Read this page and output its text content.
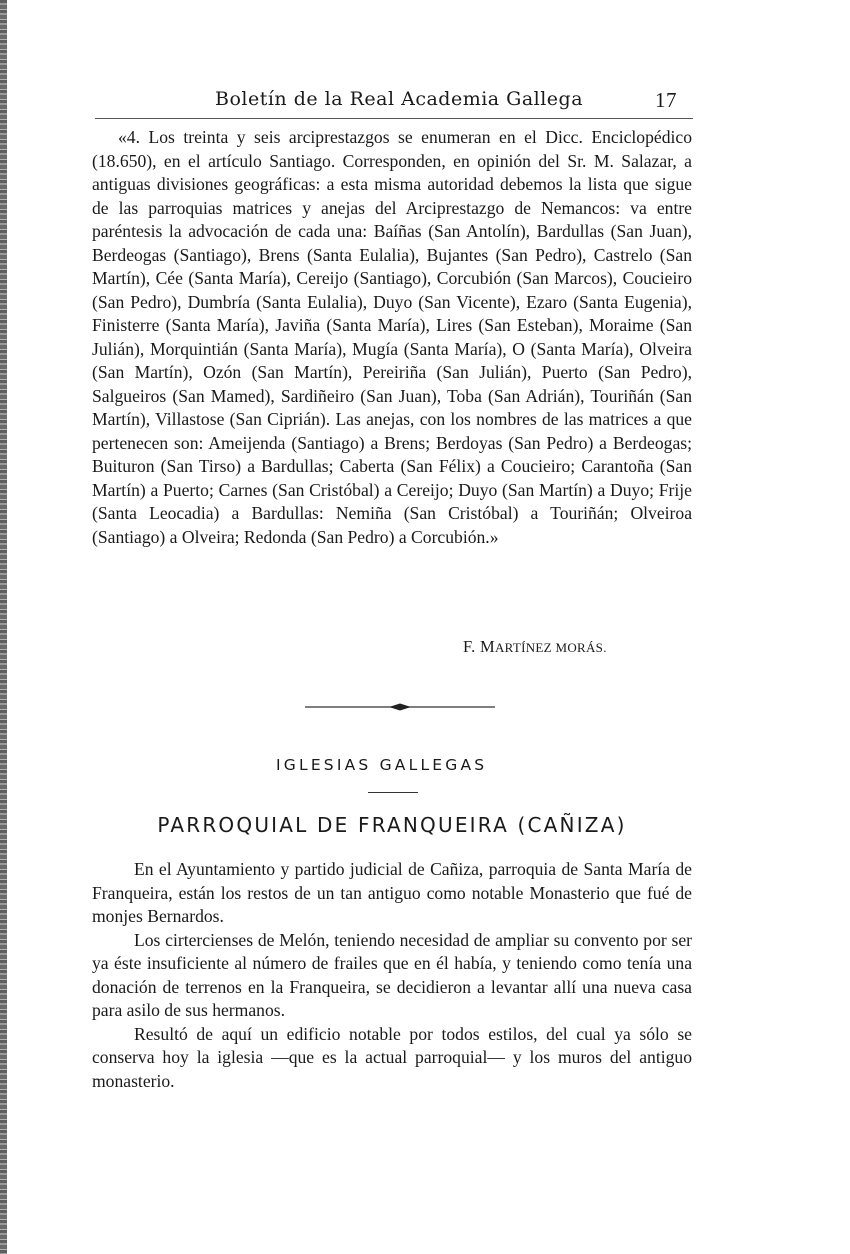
Boletín de la Real Academia Gallega	17

«4. Los treinta y seis arciprestazgos se enumeran en el Dicc. Enciclopédico (18.650), en el artículo Santiago. Corresponden, en opinión del Sr. M. Salazar, a antiguas divisiones geográficas: a esta misma autoridad debemos la lista que sigue de las parroquias matrices y anejas del Arciprestazgo de Nemancos: va entre paréntesis la advocación de cada una: Baíñas (San Antolín), Bardullas (San Juan), Berdeogas (Santiago), Brens (Santa Eulalia), Bujantes (San Pedro), Castrelo (San Martín), Cée (Santa María), Cereijo (Santiago), Corcubión (San Marcos), Coucieiro (San Pedro), Dumbría (Santa Eulalia), Duyo (San Vicente), Ezaro (Santa Eugenia), Finisterre (Santa María), Javiña (Santa María), Lires (San Esteban), Moraime (San Julián), Morquintián (Santa María), Mugía (Santa María), O (Santa María), Olveira (San Martín), Ozón (San Martín), Pereiriña (San Julián), Puerto (San Pedro), Salgueiros (San Mamed), Sardiñeiro (San Juan), Toba (San Adrián), Touriñán (San Martín), Villastose (San Ciprián). Las anejas, con los nombres de las matrices a que pertenecen son: Ameijenda (Santiago) a Brens; Berdoyas (San Pedro) a Berdeogas; Buituron (San Tirso) a Bardullas; Caberta (San Félix) a Coucieiro; Carantoña (San Martín) a Puerto; Carnes (San Cristóbal) a Cereijo; Duyo (San Martín) a Duyo; Frije (Santa Leocadia) a Bardullas: Nemiña (San Cristóbal) a Touriñán; Olveiroa (Santiago) a Olveira; Redonda (San Pedro) a Corcubión.»

F. MARTÍNEZ MORÁS.
IGLESIAS GALLEGAS
PARROQUIAL DE FRANQUEIRA (CAÑIZA)

En el Ayuntamiento y partido judicial de Cañiza, parroquia de Santa María de Franqueira, están los restos de un tan antiguo como notable Monasterio que fué de monjes Bernardos.

Los cirtercienses de Melón, teniendo necesidad de ampliar su convento por ser ya éste insuficiente al número de frailes que en él había, y teniendo como tenía una donación de terrenos en la Franqueira, se decidieron a levantar allí una nueva casa para asilo de sus hermanos.

Resultó de aquí un edificio notable por todos estilos, del cual ya sólo se conserva hoy la iglesia —que es la actual parroquial— y los muros del antiguo monasterio.
